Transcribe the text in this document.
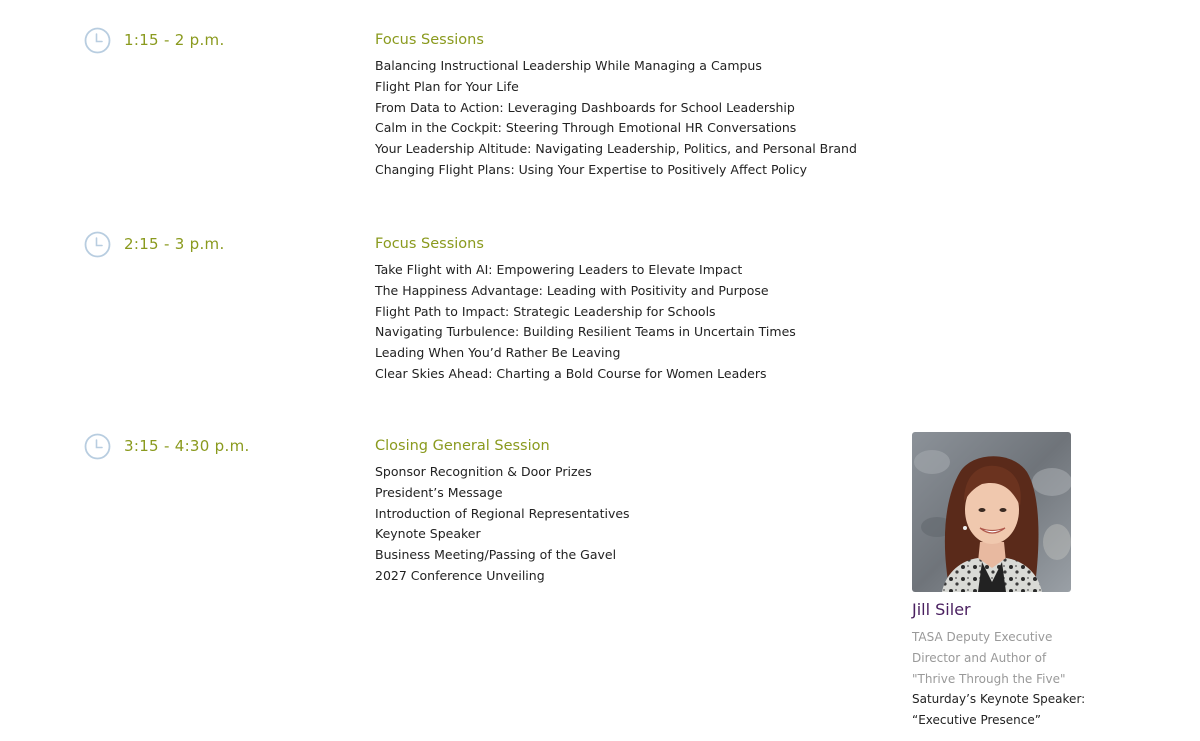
1:15 - 2 p.m.	Focus Sessions
Balancing Instructional Leadership While Managing a Campus
Flight Plan for Your Life
From Data to Action: Leveraging Dashboards for School Leadership
Calm in the Cockpit: Steering Through Emotional HR Conversations
Your Leadership Altitude: Navigating Leadership, Politics, and Personal Brand
Changing Flight Plans: Using Your Expertise to Positively Affect Policy
2:15 - 3 p.m.	Focus Sessions
Take Flight with AI: Empowering Leaders to Elevate Impact
The Happiness Advantage: Leading with Positivity and Purpose
Flight Path to Impact: Strategic Leadership for Schools
Navigating Turbulence: Building Resilient Teams in Uncertain Times
Leading When You’d Rather Be Leaving
Clear Skies Ahead: Charting a Bold Course for Women Leaders
3:15 - 4:30 p.m.	Closing General Session
Sponsor Recognition & Door Prizes
President’s Message
Introduction of Regional Representatives
Keynote Speaker
Business Meeting/Passing of the Gavel
2027 Conference Unveiling
Jill Siler
TASA Deputy Executive
Director and Author of
"Thrive Through the Five"
Saturday’s Keynote Speaker:
“Executive Presence”
